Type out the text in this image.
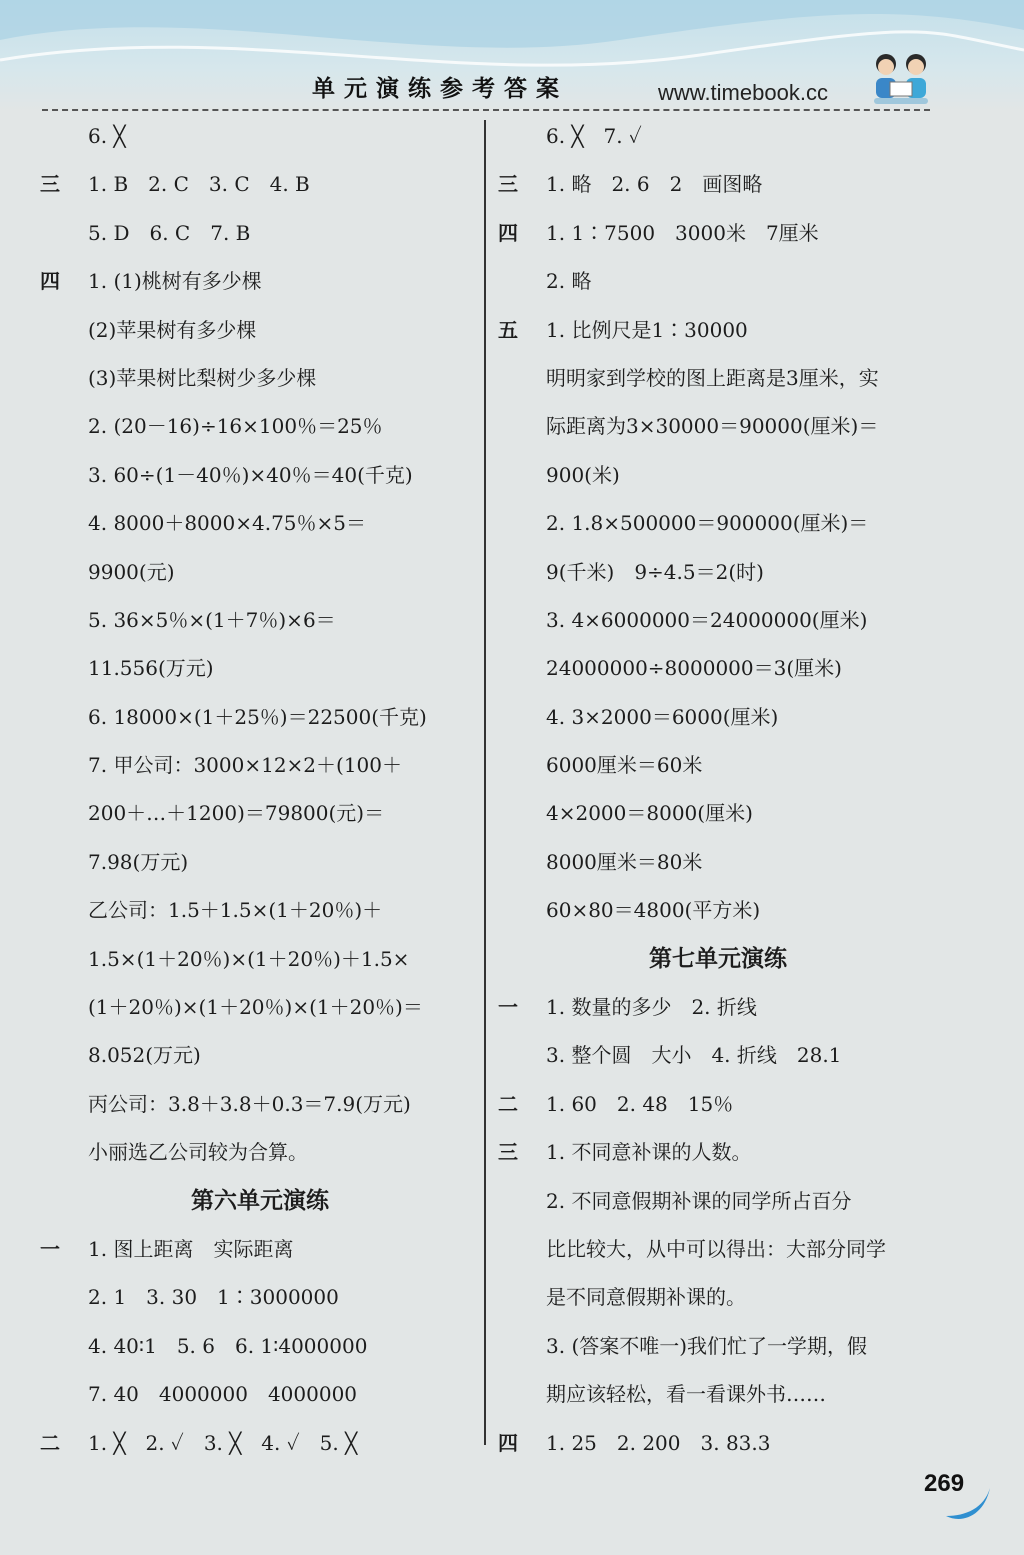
单元演练参考答案	www.timebook.cc
6. ╳
三 1. B　2. C　3. C　4. B
5. D　6. C　7. B
四 1. (1)桃树有多少棵
(2)苹果树有多少棵
(3)苹果树比梨树少多少棵
2. (20－16)÷16×100％＝25％
3. 60÷(1－40％)×40％＝40(千克)
4. 8000＋8000×4.75％×5＝
9900(元)
5. 36×5％×(1＋7％)×6＝
11.556(万元)
6. 18000×(1＋25％)＝22500(千克)
7. 甲公司：3000×12×2＋(100＋
200＋…＋1200)＝79800(元)＝
7.98(万元)
乙公司：1.5＋1.5×(1＋20％)＋
1.5×(1＋20％)×(1＋20％)＋1.5×
(1＋20％)×(1＋20％)×(1＋20％)＝
8.052(万元)
丙公司：3.8＋3.8＋0.3＝7.9(万元)
小丽选乙公司较为合算。
第六单元演练
一 1. 图上距离　实际距离
2. 1　3. 30　1∶3000000
4. 40∶1　5. 6　6. 1∶4000000
7. 40　4000000　4000000
二 1. ╳　2. ✓　3. ╳　4. ✓　5. ╳
6. ╳　7. ✓
三 1. 略　2. 6　2　画图略
四 1. 1∶7500　3000米　7厘米
2. 略
五 1. 比例尺是1∶30000
明明家到学校的图上距离是3厘米，实
际距离为3×30000＝90000(厘米)＝
900(米)
2. 1.8×500000＝900000(厘米)＝
9(千米)　9÷4.5＝2(时)
3. 4×6000000＝24000000(厘米)
24000000÷8000000＝3(厘米)
4. 3×2000＝6000(厘米)
6000厘米＝60米
4×2000＝8000(厘米)
8000厘米＝80米
60×80＝4800(平方米)
第七单元演练
一 1. 数量的多少　2. 折线
3. 整个圆　大小　4. 折线　28.1
二 1. 60　2. 48　15％
三 1. 不同意补课的人数。
2. 不同意假期补课的同学所占百分
比比较大，从中可以得出：大部分同学
是不同意假期补课的。
3. (答案不唯一)我们忙了一学期，假
期应该轻松，看一看课外书……
四 1. 25　2. 200　3. 83.3
269
